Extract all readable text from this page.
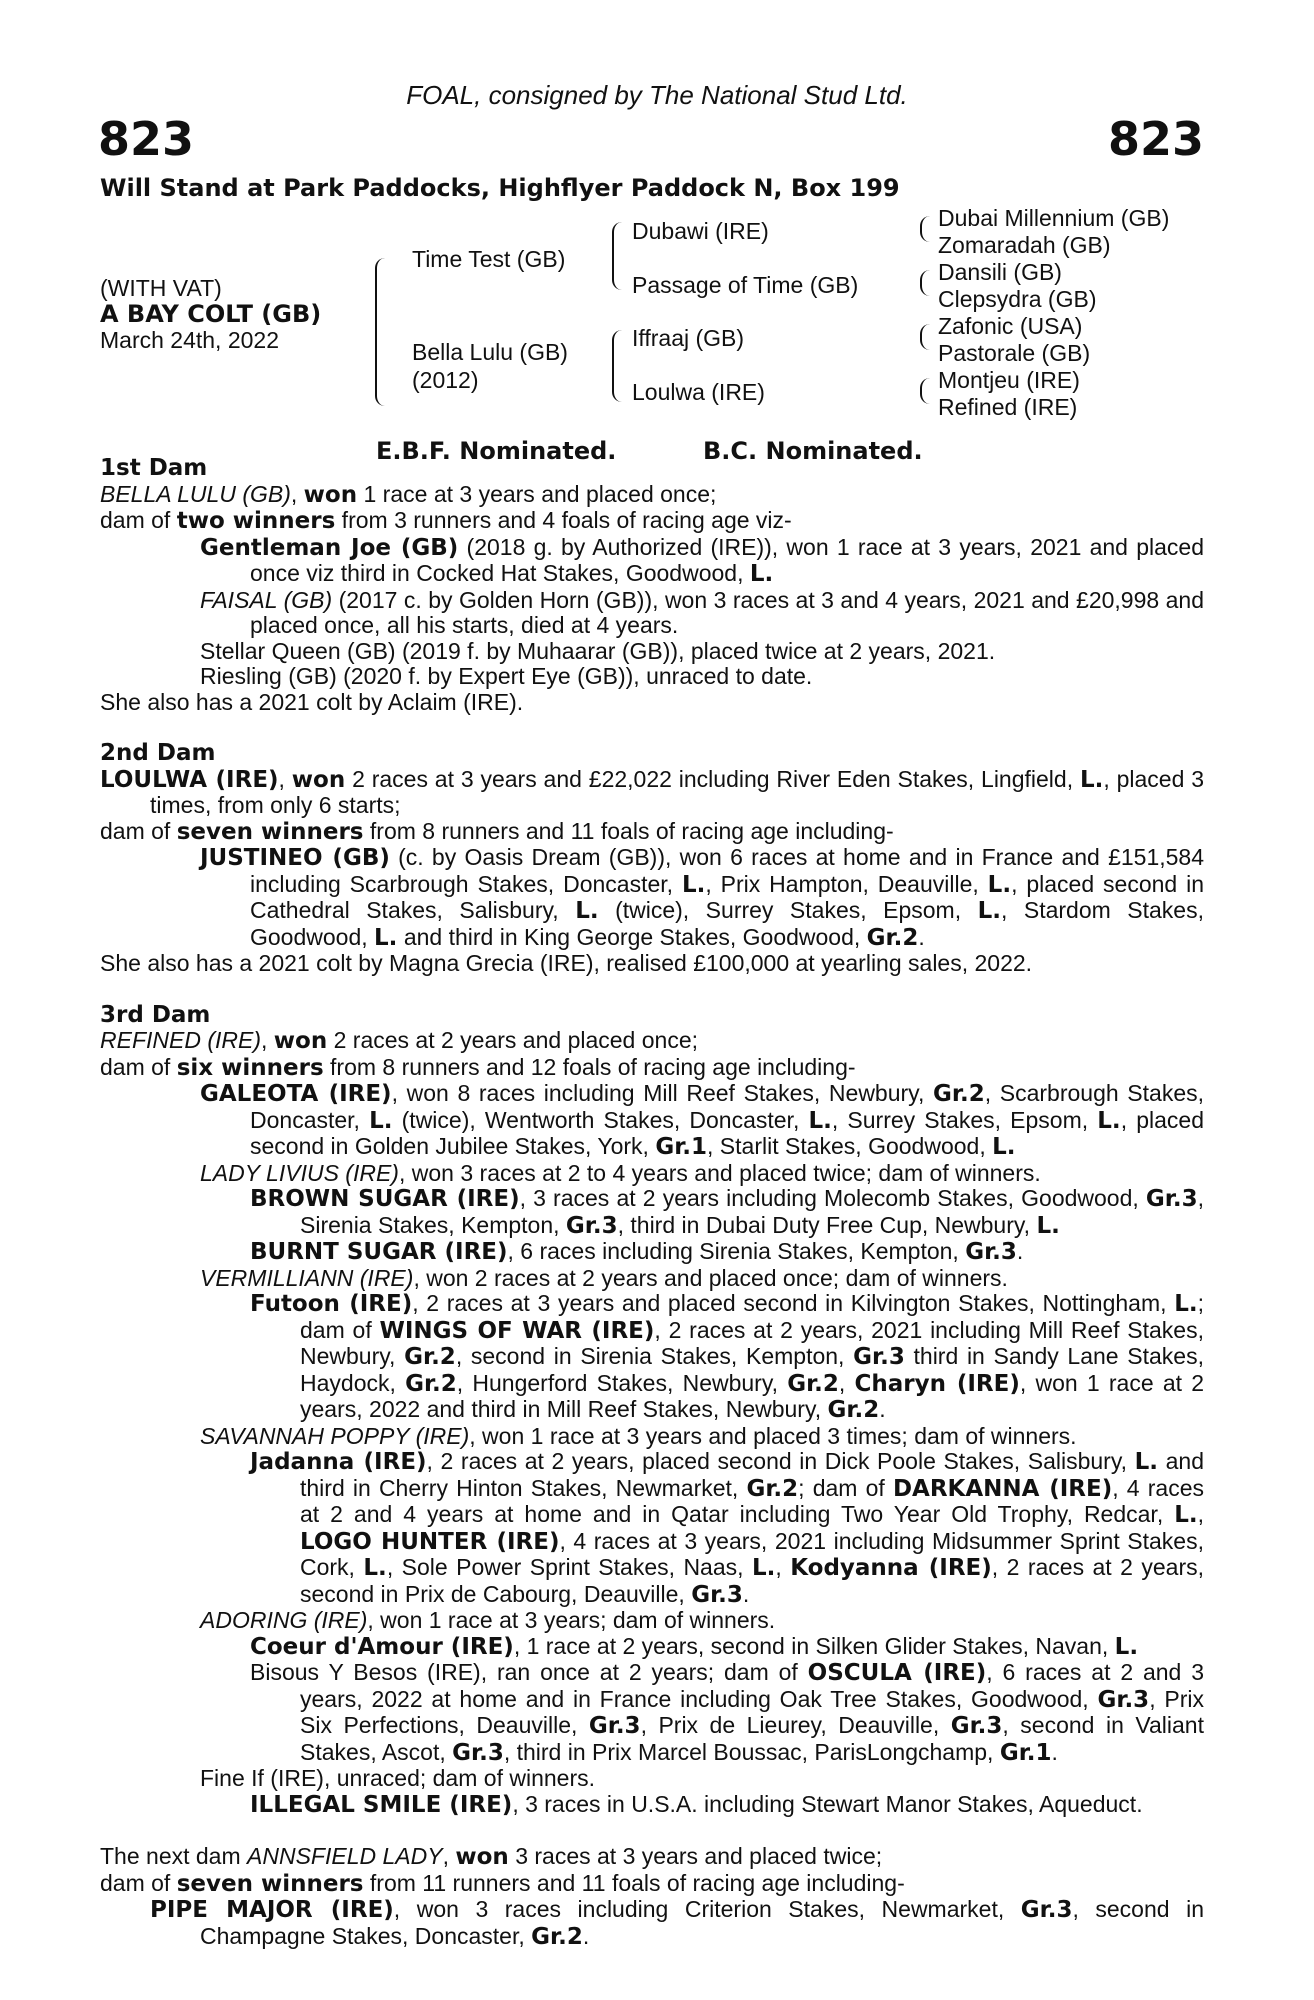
FOAL, consigned by The National Stud Ltd.
823	823
Will Stand at Park Paddocks, Highflyer Paddock N, Box 199
(WITH VAT)
A BAY COLT (GB)
March 24th, 2022
Time Test (GB)
Bella Lulu (GB)
(2012)
Dubawi (IRE)
Passage of Time (GB)
Iffraaj (GB)
Loulwa (IRE)
Dubai Millennium (GB)
Zomaradah (GB)
Dansili (GB)
Clepsydra (GB)
Zafonic (USA)
Pastorale (GB)
Montjeu (IRE)
Refined (IRE)
E.B.F. Nominated.	B.C. Nominated.

1st Dam

BELLA LULU (GB), won 1 race at 3 years and placed once;

dam of two winners from 3 runners and 4 foals of racing age viz-

Gentleman Joe (GB) (2018 g. by Authorized (IRE)), won 1 race at 3 years, 2021 and placed once viz third in Cocked Hat Stakes, Goodwood, L.

FAISAL (GB) (2017 c. by Golden Horn (GB)), won 3 races at 3 and 4 years, 2021 and £20,998 and placed once, all his starts, died at 4 years.

Stellar Queen (GB) (2019 f. by Muhaarar (GB)), placed twice at 2 years, 2021.

Riesling (GB) (2020 f. by Expert Eye (GB)), unraced to date.

She also has a 2021 colt by Aclaim (IRE).

2nd Dam

LOULWA (IRE), won 2 races at 3 years and £22,022 including River Eden Stakes, Lingfield, L., placed 3 times, from only 6 starts;

dam of seven winners from 8 runners and 11 foals of racing age including-

JUSTINEO (GB) (c. by Oasis Dream (GB)), won 6 races at home and in France and £151,584 including Scarbrough Stakes, Doncaster, L., Prix Hampton, Deauville, L., placed second in Cathedral Stakes, Salisbury, L. (twice), Surrey Stakes, Epsom, L., Stardom Stakes, Goodwood, L. and third in King George Stakes, Goodwood, Gr.2.

She also has a 2021 colt by Magna Grecia (IRE), realised £100,000 at yearling sales, 2022.

3rd Dam

REFINED (IRE), won 2 races at 2 years and placed once;

dam of six winners from 8 runners and 12 foals of racing age including-

GALEOTA (IRE), won 8 races including Mill Reef Stakes, Newbury, Gr.2, Scarbrough Stakes, Doncaster, L. (twice), Wentworth Stakes, Doncaster, L., Surrey Stakes, Epsom, L., placed second in Golden Jubilee Stakes, York, Gr.1, Starlit Stakes, Goodwood, L.

LADY LIVIUS (IRE), won 3 races at 2 to 4 years and placed twice; dam of winners.

BROWN SUGAR (IRE), 3 races at 2 years including Molecomb Stakes, Goodwood, Gr.3, Sirenia Stakes, Kempton, Gr.3, third in Dubai Duty Free Cup, Newbury, L.

BURNT SUGAR (IRE), 6 races including Sirenia Stakes, Kempton, Gr.3.

VERMILLIANN (IRE), won 2 races at 2 years and placed once; dam of winners.

Futoon (IRE), 2 races at 3 years and placed second in Kilvington Stakes, Nottingham, L.; dam of WINGS OF WAR (IRE), 2 races at 2 years, 2021 including Mill Reef Stakes, Newbury, Gr.2, second in Sirenia Stakes, Kempton, Gr.3 third in Sandy Lane Stakes, Haydock, Gr.2, Hungerford Stakes, Newbury, Gr.2, Charyn (IRE), won 1 race at 2 years, 2022 and third in Mill Reef Stakes, Newbury, Gr.2.

SAVANNAH POPPY (IRE), won 1 race at 3 years and placed 3 times; dam of winners.

Jadanna (IRE), 2 races at 2 years, placed second in Dick Poole Stakes, Salisbury, L. and third in Cherry Hinton Stakes, Newmarket, Gr.2; dam of DARKANNA (IRE), 4 races at 2 and 4 years at home and in Qatar including Two Year Old Trophy, Redcar, L., LOGO HUNTER (IRE), 4 races at 3 years, 2021 including Midsummer Sprint Stakes, Cork, L., Sole Power Sprint Stakes, Naas, L., Kodyanna (IRE), 2 races at 2 years, second in Prix de Cabourg, Deauville, Gr.3.

ADORING (IRE), won 1 race at 3 years; dam of winners.

Coeur d'Amour (IRE), 1 race at 2 years, second in Silken Glider Stakes, Navan, L.

Bisous Y Besos (IRE), ran once at 2 years; dam of OSCULA (IRE), 6 races at 2 and 3 years, 2022 at home and in France including Oak Tree Stakes, Goodwood, Gr.3, Prix Six Perfections, Deauville, Gr.3, Prix de Lieurey, Deauville, Gr.3, second in Valiant Stakes, Ascot, Gr.3, third in Prix Marcel Boussac, ParisLongchamp, Gr.1.

Fine If (IRE), unraced; dam of winners.

ILLEGAL SMILE (IRE), 3 races in U.S.A. including Stewart Manor Stakes, Aqueduct.

The next dam ANNSFIELD LADY, won 3 races at 3 years and placed twice;

dam of seven winners from 11 runners and 11 foals of racing age including-

PIPE MAJOR (IRE), won 3 races including Criterion Stakes, Newmarket, Gr.3, second in Champagne Stakes, Doncaster, Gr.2.
